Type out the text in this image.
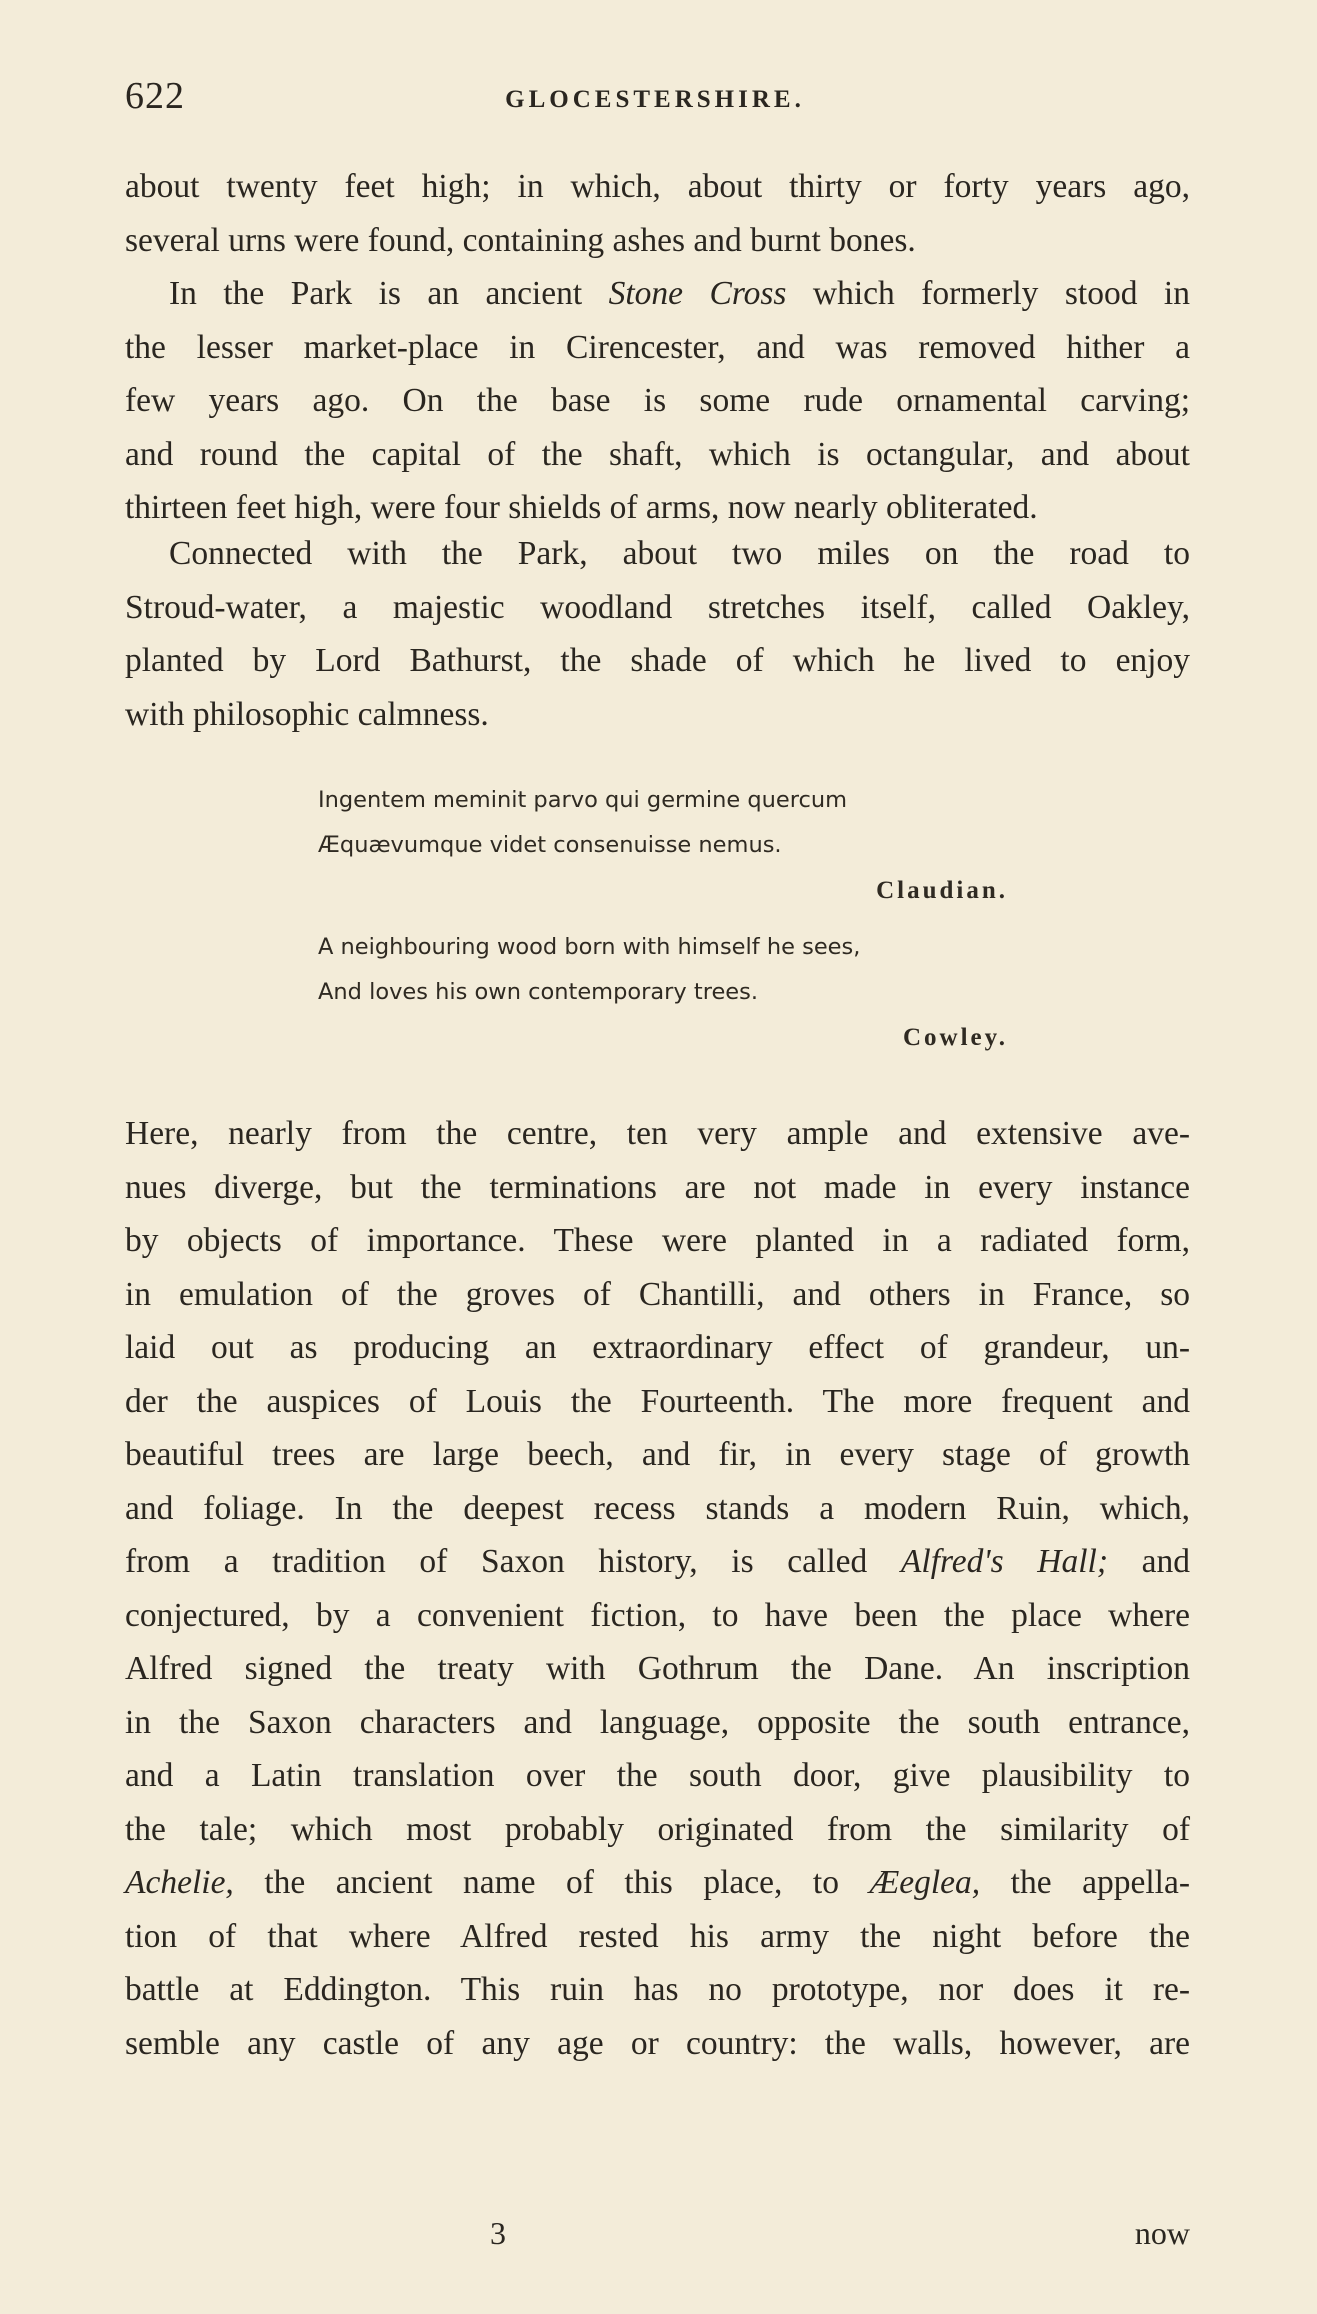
622	GLOCESTERSHIRE.
about twenty feet high; in which, about thirty or forty years ago,
several urns were found, containing ashes and burnt bones.
In the Park is an ancient Stone Cross which formerly stood in
the lesser market-place in Cirencester, and was removed hither a
few years ago. On the base is some rude ornamental carving;
and round the capital of the shaft, which is octangular, and about
thirteen feet high, were four shields of arms, now nearly obliterated.
Connected with the Park, about two miles on the road to
Stroud-water, a majestic woodland stretches itself, called Oakley,
planted by Lord Bathurst, the shade of which he lived to enjoy
with philosophic calmness.
Ingentem meminit parvo qui germine quercum
Æquævumque videt consenuisse nemus.
Claudian.
A neighbouring wood born with himself he sees,
And loves his own contemporary trees.
Cowley.
Here, nearly from the centre, ten very ample and extensive ave-
nues diverge, but the terminations are not made in every instance
by objects of importance. These were planted in a radiated form,
in emulation of the groves of Chantilli, and others in France, so
laid out as producing an extraordinary effect of grandeur, un-
der the auspices of Louis the Fourteenth. The more frequent and
beautiful trees are large beech, and fir, in every stage of growth
and foliage. In the deepest recess stands a modern Ruin, which,
from a tradition of Saxon history, is called Alfred's Hall; and
conjectured, by a convenient fiction, to have been the place where
Alfred signed the treaty with Gothrum the Dane. An inscription
in the Saxon characters and language, opposite the south entrance,
and a Latin translation over the south door, give plausibility to
the tale; which most probably originated from the similarity of
Achelie, the ancient name of this place, to Æeglea, the appella-
tion of that where Alfred rested his army the night before the
battle at Eddington. This ruin has no prototype, nor does it re-
semble any castle of any age or country: the walls, however, are
3	now
